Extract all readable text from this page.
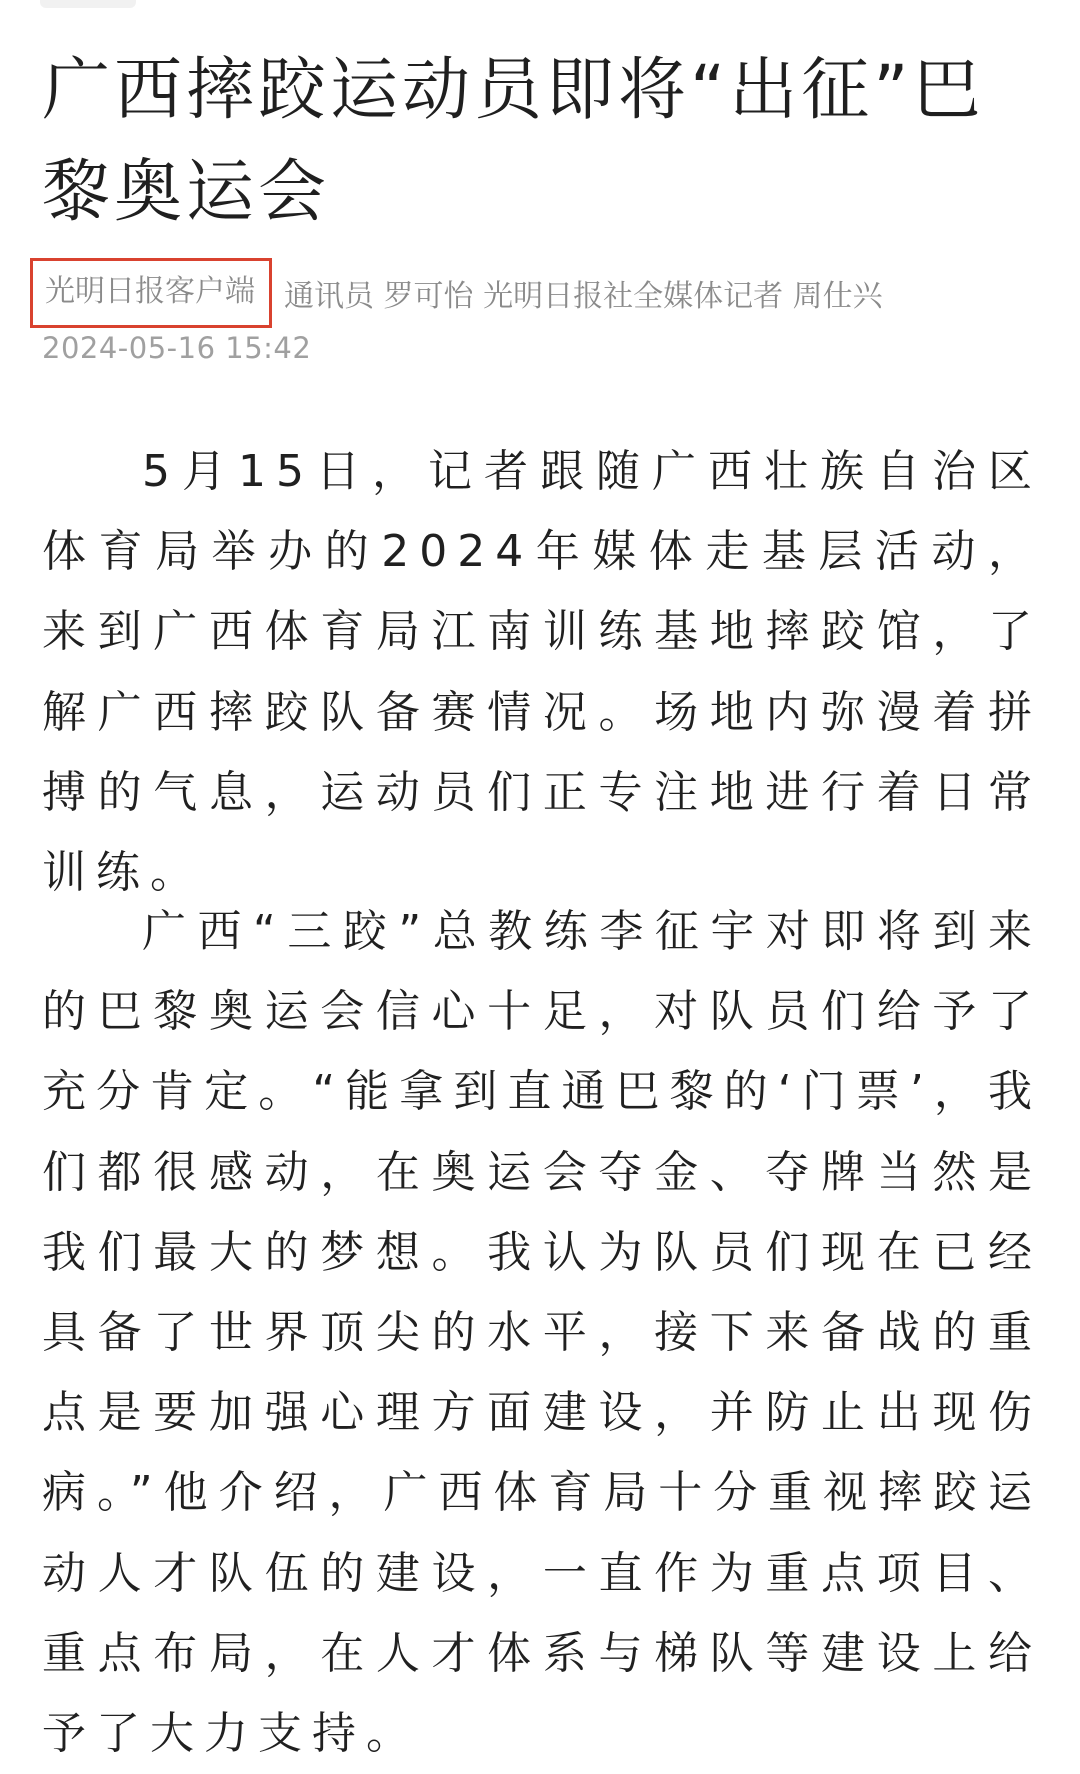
广西摔跤运动员即将“出征”巴黎奥运会
光明日报客户端 通讯员 罗可怡 光明日报社全媒体记者 周仕兴
2024-05-16 15:42

5月15日，记者跟随广西壮族自治区体育局举办的2024年媒体走基层活动，来到广西体育局江南训练基地摔跤馆，了解广西摔跤队备赛情况。场地内弥漫着拼搏的气息，运动员们正专注地进行着日常训练。

广西“三跤”总教练李征宇对即将到来的巴黎奥运会信心十足，对队员们给予了充分肯定。“能拿到直通巴黎的‘门票’，我们都很感动，在奥运会夺金、夺牌当然是我们最大的梦想。我认为队员们现在已经具备了世界顶尖的水平，接下来备战的重点是要加强心理方面建设，并防止出现伤病。”他介绍，广西体育局十分重视摔跤运动人才队伍的建设，一直作为重点项目、重点布局，在人才体系与梯队等建设上给予了大力支持。
